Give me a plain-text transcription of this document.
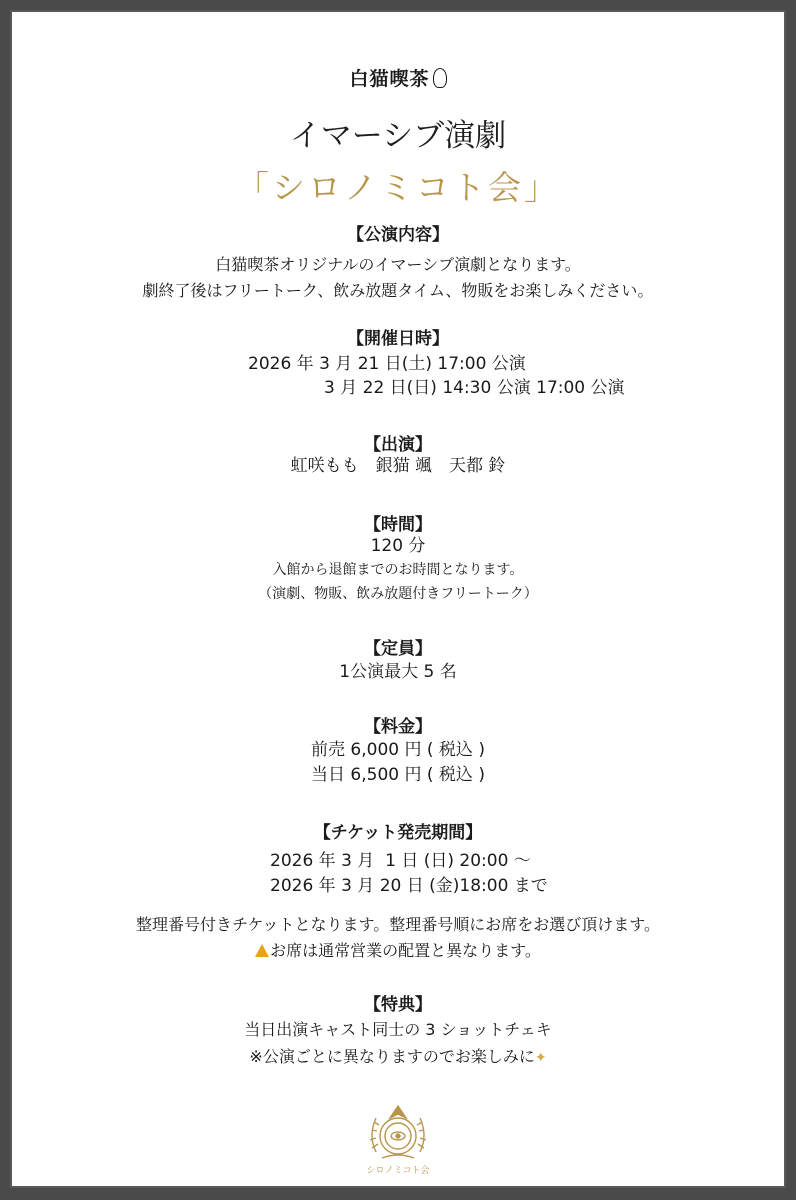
白猫喫茶
イマーシブ演劇
「シロノミコト会」
【公演内容】
白猫喫茶オリジナルのイマーシブ演劇となります。
劇終了後はフリートーク、飲み放題タイム、物販をお楽しみください。
【開催日時】
2026 年 3 月 21 日(土) 17:00 公演
3 月 22 日(日) 14:30 公演 17:00 公演
【出演】
虹咲もも　銀猫 颯　天都 鈴
【時間】
120 分
入館から退館までのお時間となります。
（演劇、物販、飲み放題付きフリートーク）
【定員】
1公演最大 5 名
【料金】
前売 6,000 円 ( 税込 )
当日 6,500 円 ( 税込 )
【チケット発売期間】
2026 年 3 月  1 日 (日) 20:00 ～
2026 年 3 月 20 日 (金)18:00 まで
整理番号付きチケットとなります。整理番号順にお席をお選び頂けます。
お席は通常営業の配置と異なります。
【特典】
当日出演キャスト同士の 3 ショットチェキ
※公演ごとに異なりますのでお楽しみに✦
シロノミコト会
